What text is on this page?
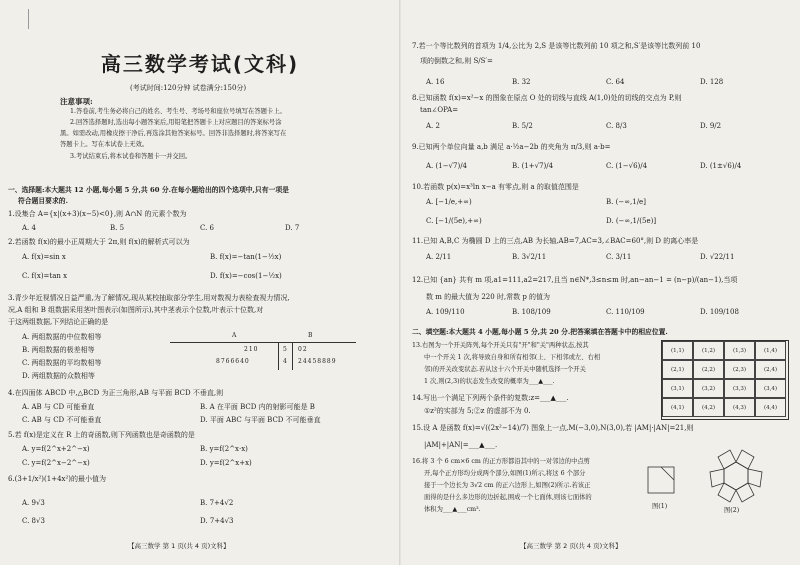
高三数学考试(文科)
(考试时间:120分钟 试卷满分:150分)
注意事项:
1.答卷前,考生务必将自己的姓名、考生号、考场号和座位号填写在答题卡上。
2.回答选择题时,选出每小题答案后,用铅笔把答题卡上对应题目的答案标号涂
黑。如需改动,用橡皮擦干净后,再选涂其他答案标号。回答非选择题时,将答案写在
答题卡上。写在本试卷上无效。
3.考试结束后,将本试卷和答题卡一并交回。
一、选择题:本大题共 12 小题,每小题 5 分,共 60 分.在每小题给出的四个选项中,只有一项是
符合题目要求的.
1.设集合 A={x|(x+3)(x−5)<0},则 A∩N 的元素个数为
A. 4	B. 5	C. 6	D. 7
2.若函数 f(x)的最小正周期大于 2π,则 f(x)的解析式可以为
A. f(x)=sin x	B. f(x)=−tan(1−½x)
C. f(x)=tan x	D. f(x)=−cos(1−½x)
3.青少年近视情况日益严重,为了解情况,现从某校抽取部分学生,用对数视力表检查视力情况,
况,A 组和 B 组数据采用茎叶图表示(如图所示),其中茎表示个位数,叶表示十位数,对
于这两组数据,下列结论正确的是
A. 两组数据的中位数相等
B. 两组数据的极差相等
C. 两组数据的平均数相等
D. 两组数据的众数相等
A	B
210	5 02
8766640	4 24458889
4.在四面体 ABCD 中,△BCD 为正三角形,AB 与平面 BCD 不垂直,则
A. AB 与 CD 可能垂直	B. A 在平面 BCD 内的射影可能是 B
C. AB 与 CD 不可能垂直	D. 平面 ABC 与平面 BCD 不可能垂直
5.若 f(x)是定义在 R 上的奇函数,则下列函数也是奇函数的是
A. y=f(2^x+2^−x)	B. y=f(2^x·x)
C. y=f(2^x−2^−x)	D. y=f(2^x+x)
6.(3+1/x²)(1+4x²)的最小值为
A. 9√3	B. 7+4√2
C. 8√3	D. 7+4√3
【高三数学 第 1 页(共 4 页)文科】
7.若一个等比数列的首项为 1/4,公比为 2,S 是该等比数列前 10 项之和,S′是该等比数列前 10
项的倒数之和,则 S/S′=
A. 16	B. 32	C. 64	D. 128
8.已知函数 f(x)=x²−x 的图象在原点 O 处的切线与直线 A(1,0)处的切线的交点为 P,则
tan∠OPA=
A. 2	B. 5/2	C. 8/3	D. 9/2
9.已知两个单位向量 a,b 满足 a·½a−2b 的夹角为 π/3,则 a·b=
A. (1−√7)/4	B. (1+√7)/4	C. (1−√6)/4	D. (1±√6)/4
10.若函数 p(x)=x³ln x−a 有零点,则 a 的取值范围是
A. [−1/e,+∞)	B. (−∞,1/e]
C. [−1/(5e),+∞)	D. (−∞,1/(5e)]
11.已知 A,B,C 为椭圆 D 上的三点,AB 为长轴,AB=7,AC=3,∠BAC=60°,则 D 的离心率是
A. 2/11	B. 3√2/11	C. 3/11	D. √22/11
12.已知 {an} 共有 m 项,a1=111,a2=217,且当 n∈N*,3≤n≤m 时,an−an−1 = (n−p)/(an−1),当项
数 m 的最大值为 220 时,常数 p 的值为
A. 109/110	B. 108/109	C. 110/109	D. 109/108
二、填空题:本大题共 4 小题,每小题 5 分,共 20 分.把答案填在答题卡中的相应位置.
13.右图为一个开关阵列,每个开关只有"开"和"关"两种状态,按其
中一个开关 1 次,将导致自身和所有相邻(上、下相邻或左、右相
邻)的开关改变状态.若从这十六个开关中随机选择一个开关
1 次,则(2,3)的状态发生改变的概率为___▲___.
14.写出一个满足下列两个条件的复数:z=___▲___.
①z²的实部为 5;②z 的虚部不为 0.
15.设 A 是函数 f(x)=√((2x²−14)/7) 图象上一点,M(−3,0),N(3,0),若 |AM|·|AN|=21,则
|AM|+|AN|=___▲___.
16.将 3 个 6 cm×6 cm 的正方形都沿其中的一对邻边的中点剪
开,每个正方形均分成两个部分,如图(1)所示,将这 6 个部分
接于一个边长为 3√2 cm 的正六边形上,如图(2)所示.若该正
面得的是什么多边形的边折起,围成一个七面体,则该七面体的
体积为___▲___cm³.	图(1)
图(2)
【高三数学 第 2 页(共 4 页)文科】
(1,1)	(1,2)	(1,3)	(1,4)
(2,1)	(2,2)	(2,3)	(2,4)
(3,1)	(3,2)	(3,3)	(3,4)
(4,1)	(4,2)	(4,3)	(4,4)
